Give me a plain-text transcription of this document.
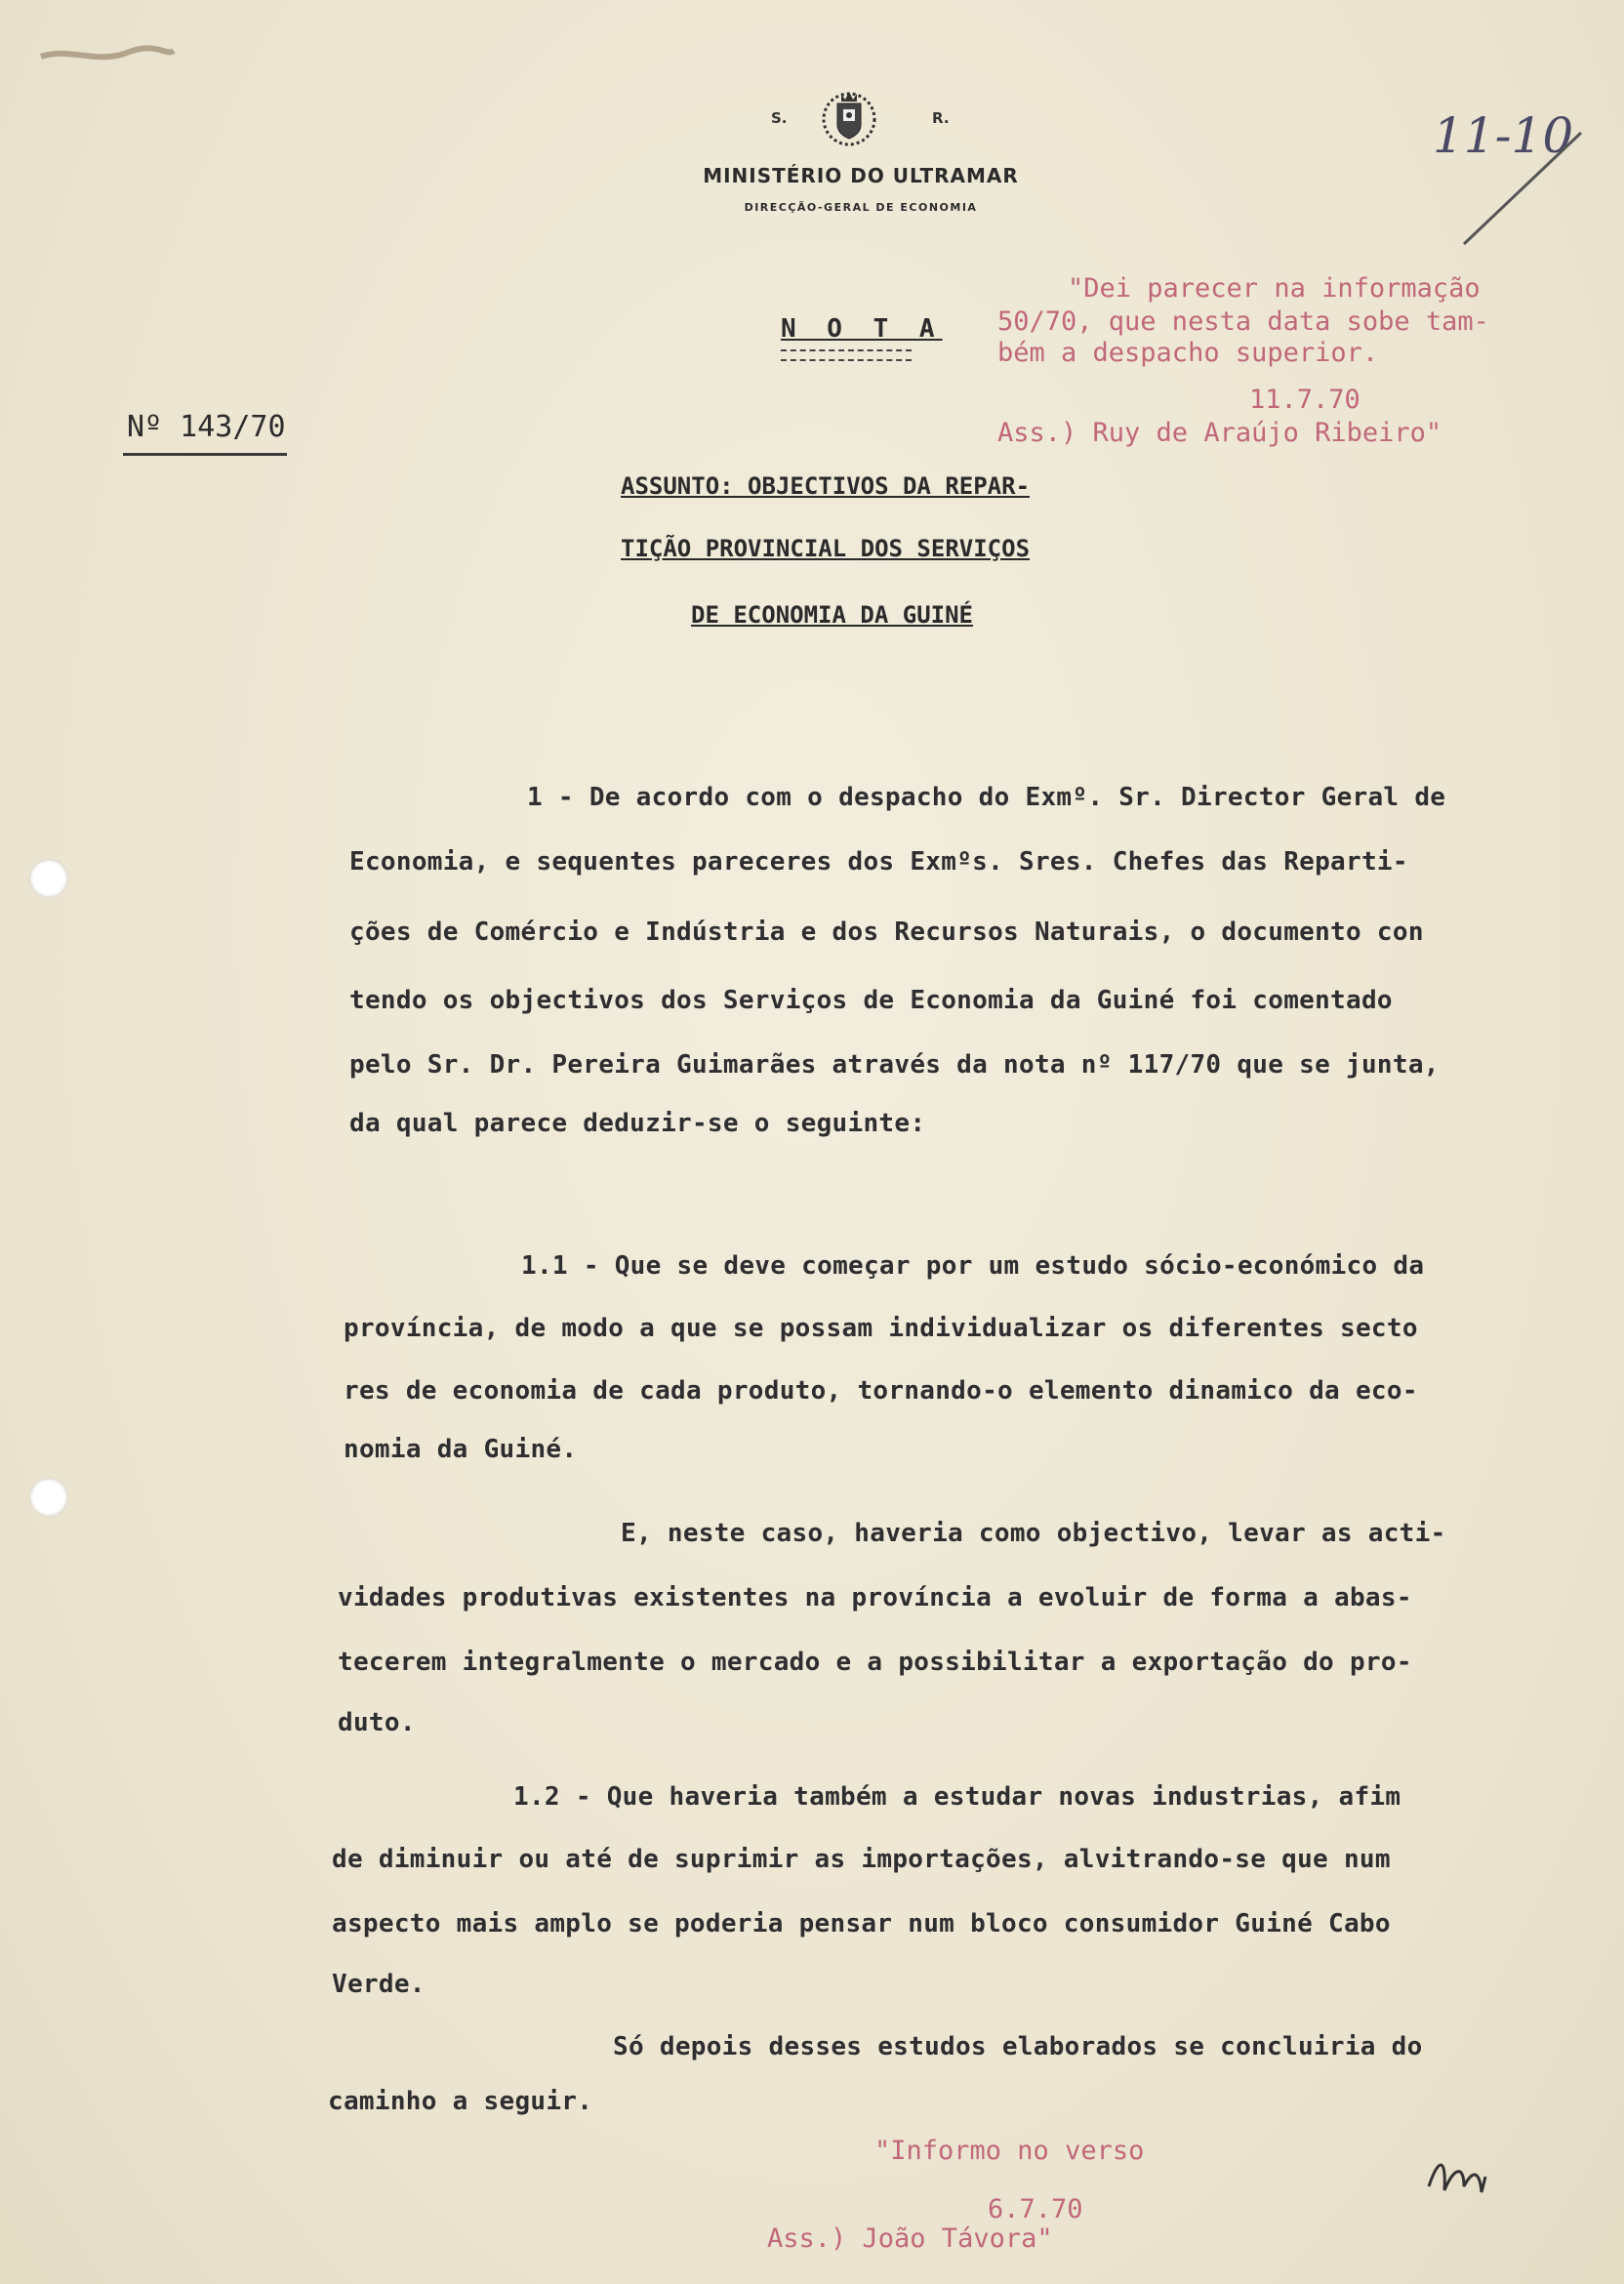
S.	R.
MINISTÉRIO DO ULTRAMAR
DIRECÇÃO-GERAL DE ECONOMIA
11-10
N O T A
Nº 143/70
"Dei parecer na informação
50/70, que nesta data sobe tam-
bém a despacho superior.
11.7.70
Ass.) Ruy de Araújo Ribeiro"
ASSUNTO: OBJECTIVOS DA REPAR-
TIÇÃO PROVINCIAL DOS SERVIÇOS
DE ECONOMIA DA GUINÉ
1 - De acordo com o despacho do Exmº. Sr. Director Geral de
Economia, e sequentes pareceres dos Exmºs. Sres. Chefes das Reparti-
ções de Comércio e Indústria e dos Recursos Naturais, o documento con
tendo os objectivos dos Serviços de Economia da Guiné foi comentado
pelo Sr. Dr. Pereira Guimarães através da nota nº 117/70 que se junta,
da qual parece deduzir-se o seguinte:
1.1 - Que se deve começar por um estudo sócio-económico da
província, de modo a que se possam individualizar os diferentes secto
res de economia de cada produto, tornando-o elemento dinamico da eco-
nomia da Guiné.
E, neste caso, haveria como objectivo, levar as acti-
vidades produtivas existentes na província a evoluir de forma a abas-
tecerem integralmente o mercado e a possibilitar a exportação do pro-
duto.
1.2 - Que haveria também a estudar novas industrias, afim
de diminuir ou até de suprimir as importações, alvitrando-se que num
aspecto mais amplo se poderia pensar num bloco consumidor Guiné Cabo
Verde.
Só depois desses estudos elaborados se concluiria do
caminho a seguir.
"Informo no verso
6.7.70
Ass.) João Távora"
